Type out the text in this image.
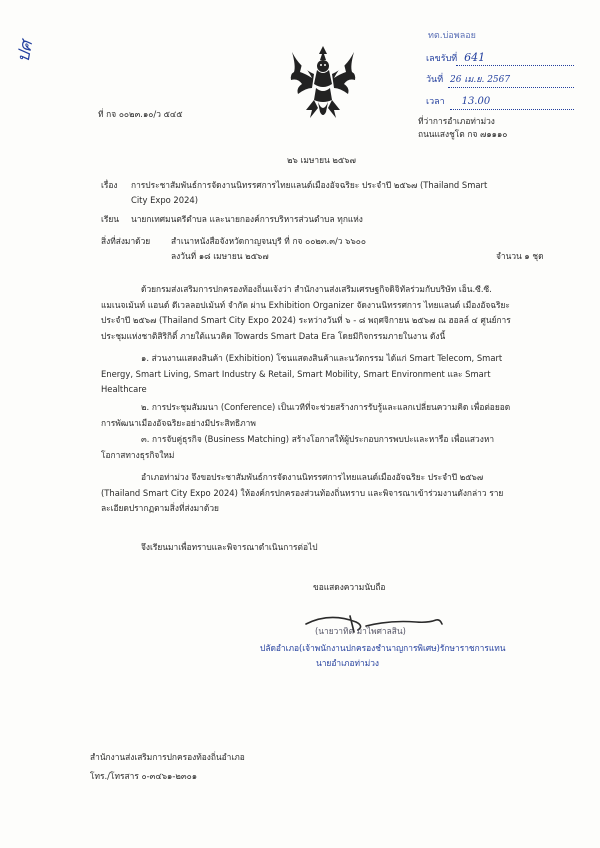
ปศ
ทต.บ่อพลอย
เลขรับที่ 641
วันที่ 26 เม.ย. 2567
เวลา 13.00
ที่ กจ ๐๐๒๓.๑๐/ว ๕๔๕
ที่ว่าการอำเภอท่าม่วง
ถนนแสงชูโต กจ ๗๑๑๑๐
๒๖ เมษายน ๒๕๖๗
เรื่อง การประชาสัมพันธ์การจัดงานนิทรรศการไทยแลนด์เมืองอัจฉริยะ ประจำปี ๒๕๖๗ (Thailand Smart
City Expo 2024)
เรียน นายกเทศมนตรีตำบล และนายกองค์การบริหารส่วนตำบล ทุกแห่ง
สิ่งที่ส่งมาด้วย สำเนาหนังสือจังหวัดกาญจนบุรี ที่ กจ ๐๐๒๓.๓/ว ๖๖๐๐
ลงวันที่ ๑๘ เมษายน ๒๕๖๗	จำนวน ๑ ชุด
ด้วยกรมส่งเสริมการปกครองท้องถิ่นแจ้งว่า สำนักงานส่งเสริมเศรษฐกิจดิจิทัลร่วมกับบริษัท เอ็น.ซี.ซี. แมเนจเม้นท์ แอนด์ ดีเวลลอปเม้นท์ จำกัด ผ่าน Exhibition Organizer จัดงานนิทรรศการ ไทยแลนด์ เมืองอัจฉริยะ ประจำปี ๒๕๖๗ (Thailand Smart City Expo 2024) ระหว่างวันที่ ๖ - ๘ พฤศจิกายน ๒๕๖๗ ณ ฮอลล์ ๔ ศูนย์การประชุมแห่งชาติสิริกิติ์ ภายใต้แนวคิด Towards Smart Data Era โดยมีกิจกรรมภายในงาน ดังนี้
๑. ส่วนงานแสดงสินค้า (Exhibition) โซนแสดงสินค้าและนวัตกรรม ได้แก่ Smart Telecom, Smart Energy, Smart Living, Smart Industry & Retail, Smart Mobility, Smart Environment และ Smart Healthcare
๒. การประชุมสัมมนา (Conference) เป็นเวทีที่จะช่วยสร้างการรับรู้และแลกเปลี่ยนความคิด เพื่อต่อยอดการพัฒนาเมืองอัจฉริยะอย่างมีประสิทธิภาพ
๓. การจับคู่ธุรกิจ (Business Matching) สร้างโอกาสให้ผู้ประกอบการพบปะและหารือ เพื่อแสวงหาโอกาสทางธุรกิจใหม่
อำเภอท่าม่วง จึงขอประชาสัมพันธ์การจัดงานนิทรรศการไทยแลนด์เมืองอัจฉริยะ ประจำปี ๒๕๖๗ (Thailand Smart City Expo 2024) ให้องค์กรปกครองส่วนท้องถิ่นทราบ และพิจารณาเข้าร่วมงานดังกล่าว รายละเอียดปรากฏตามสิ่งที่ส่งมาด้วย
จึงเรียนมาเพื่อทราบและพิจารณาดำเนินการต่อไป
ขอแสดงความนับถือ
(นายวาทิต มาไพศาลสิน)
ปลัดอำเภอ(เจ้าพนักงานปกครองชำนาญการพิเศษ)รักษาราชการแทน
นายอำเภอท่าม่วง
สำนักงานส่งเสริมการปกครองท้องถิ่นอำเภอ
โทร./โทรสาร ๐-๓๔๖๑-๒๓๐๑
